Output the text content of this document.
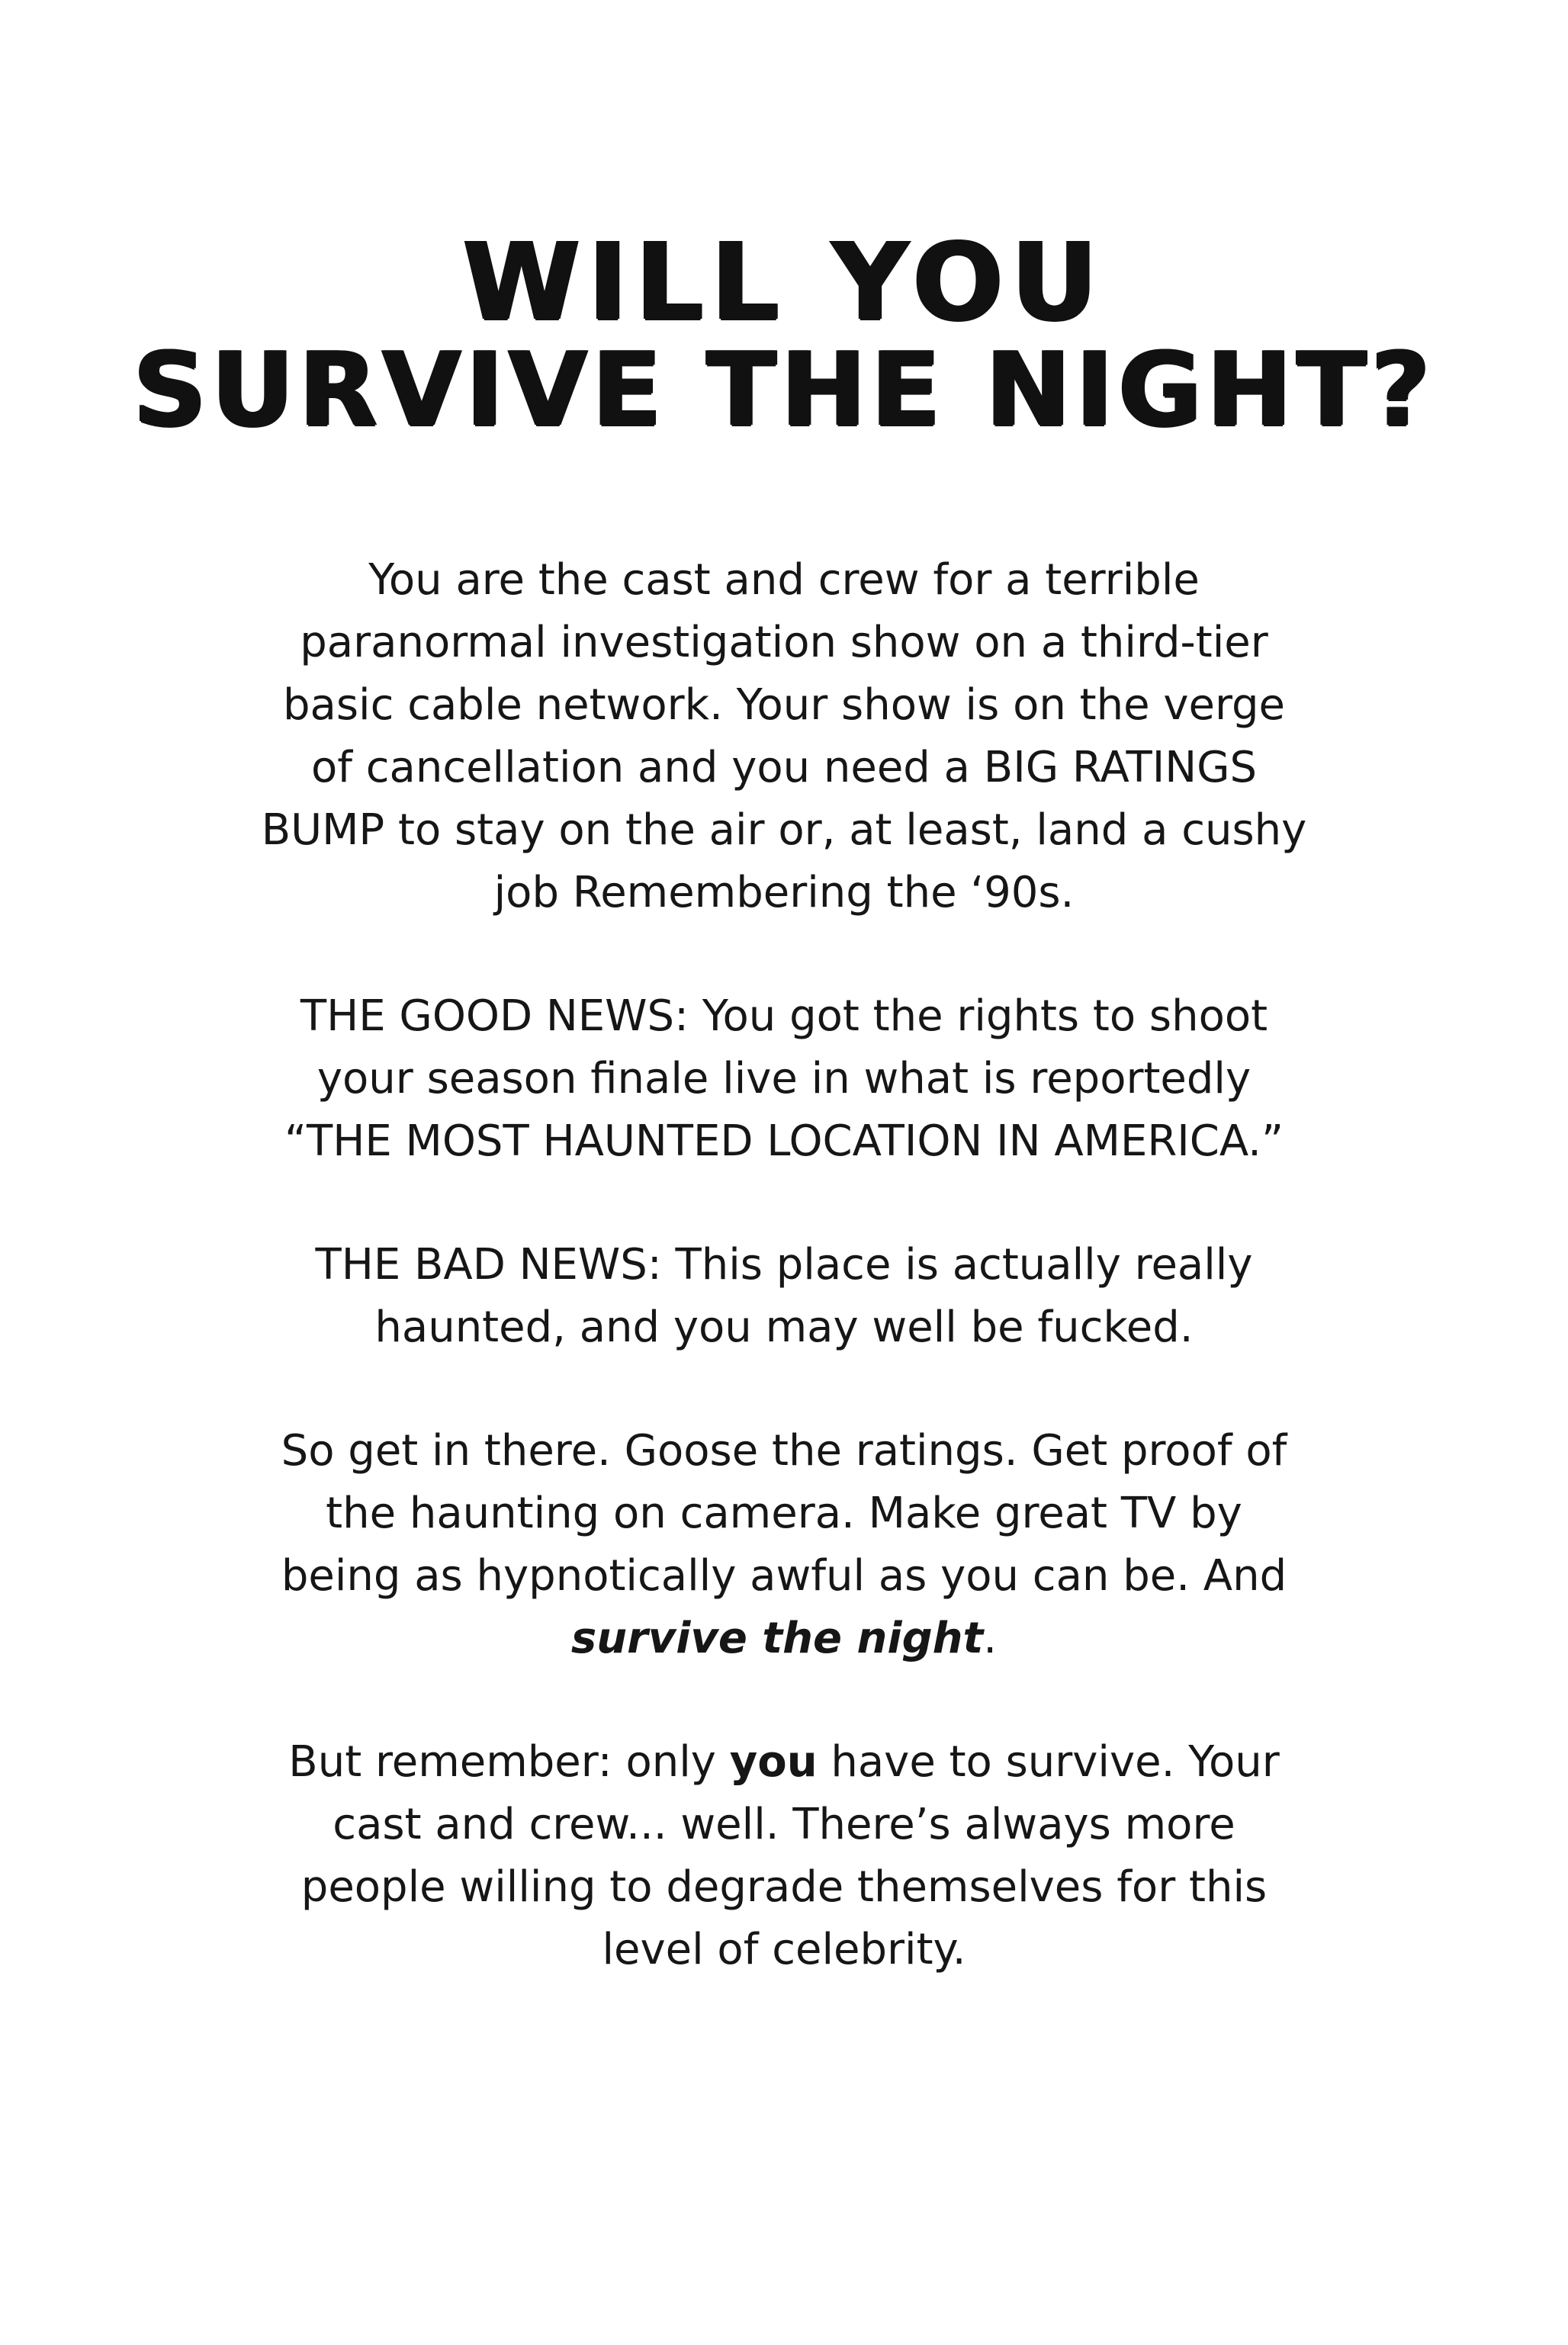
WILL YOU
SURVIVE THE NIGHT?

You are the cast and crew for a terrible paranormal investigation show on a third-tier basic cable network. Your show is on the verge of cancellation and you need a BIG RATINGS BUMP to stay on the air or, at least, land a cushy job Remembering the ‘90s.

THE GOOD NEWS: You got the rights to shoot your season finale live in what is reportedly “THE MOST HAUNTED LOCATION IN AMERICA.”

THE BAD NEWS: This place is actually really haunted, and you may well be fucked.

So get in there. Goose the ratings. Get proof of the haunting on camera. Make great TV by being as hypnotically awful as you can be. And survive the night.

But remember: only you have to survive. Your cast and crew... well. There’s always more people willing to degrade themselves for this level of celebrity.
